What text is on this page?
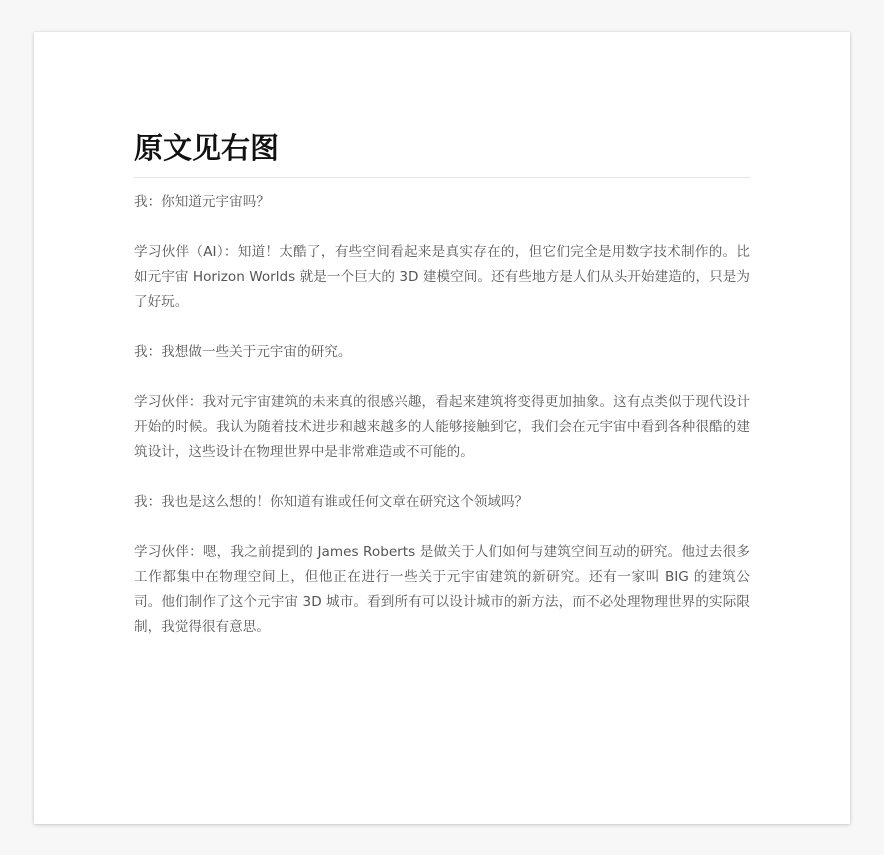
原文见右图

我：你知道元宇宙吗？

学习伙伴（AI）：知道！太酷了，有些空间看起来是真实存在的，但它们完全是用数字技术制作的。比如元宇宙 Horizon Worlds 就是一个巨大的 3D 建模空间。还有些地方是人们从头开始建造的，只是为了好玩。

我：我想做一些关于元宇宙的研究。

学习伙伴：我对元宇宙建筑的未来真的很感兴趣，看起来建筑将变得更加抽象。这有点类似于现代设计开始的时候。我认为随着技术进步和越来越多的人能够接触到它，我们会在元宇宙中看到各种很酷的建筑设计，这些设计在物理世界中是非常难造或不可能的。

我：我也是这么想的！你知道有谁或任何文章在研究这个领域吗？

学习伙伴：嗯，我之前提到的 James Roberts 是做关于人们如何与建筑空间互动的研究。他过去很多工作都集中在物理空间上，但他正在进行一些关于元宇宙建筑的新研究。还有一家叫 BIG 的建筑公司。他们制作了这个元宇宙 3D 城市。看到所有可以设计城市的新方法，而不必处理物理世界的实际限制，我觉得很有意思。
